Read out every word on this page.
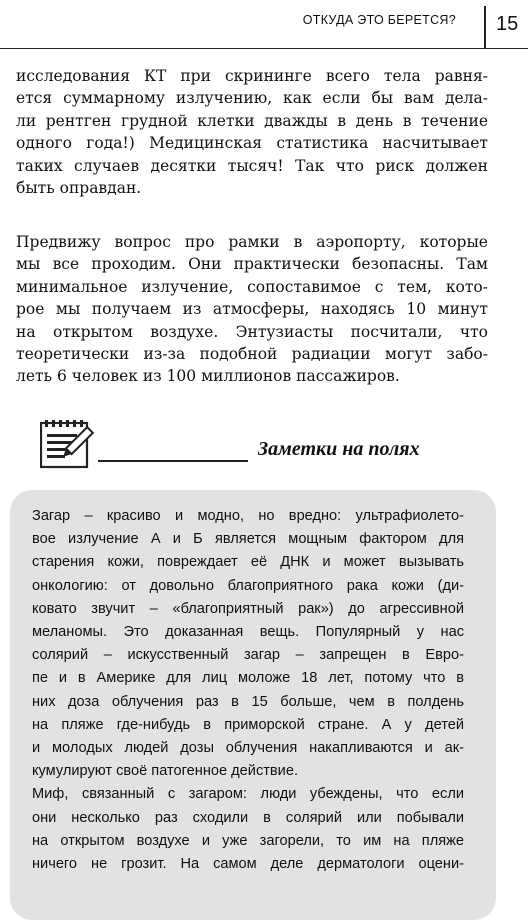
ОТКУДА ЭТО БЕРЕТСЯ? 15
исследования КТ при скрининге всего тела равня-
ется суммарному излучению, как если бы вам дела-
ли рентген грудной клетки дважды в день в течение
одного года!) Медицинская статистика насчитывает
таких случаев десятки тысяч! Так что риск должен
быть оправдан.
Предвижу вопрос про рамки в аэропорту, которые
мы все проходим. Они практически безопасны. Там
минимальное излучение, сопоставимое с тем, кото-
рое мы получаем из атмосферы, находясь 10 минут
на открытом воздухе. Энтузиасты посчитали, что
теоретически из-за подобной радиации могут забо-
леть 6 человек из 100 миллионов пассажиров.
Заметки на полях
Загар – красиво и модно, но вредно: ультрафиолето-
вое излучение А и Б является мощным фактором для
старения кожи, повреждает её ДНК и может вызывать
онкологию: от довольно благоприятного рака кожи (ди-
ковато звучит – «благоприятный рак») до агрессивной
меланомы. Это доказанная вещь. Популярный у нас
солярий – искусственный загар – запрещен в Евро-
пе и в Америке для лиц моложе 18 лет, потому что в
них доза облучения раз в 15 больше, чем в полдень
на пляже где-нибудь в приморской стране. А у детей
и молодых людей дозы облучения накапливаются и ак-
кумулируют своё патогенное действие.
Миф, связанный с загаром: люди убеждены, что если
они несколько раз сходили в солярий или побывали
на открытом воздухе и уже загорели, то им на пляже
ничего не грозит. На самом деле дерматологи оцени-
